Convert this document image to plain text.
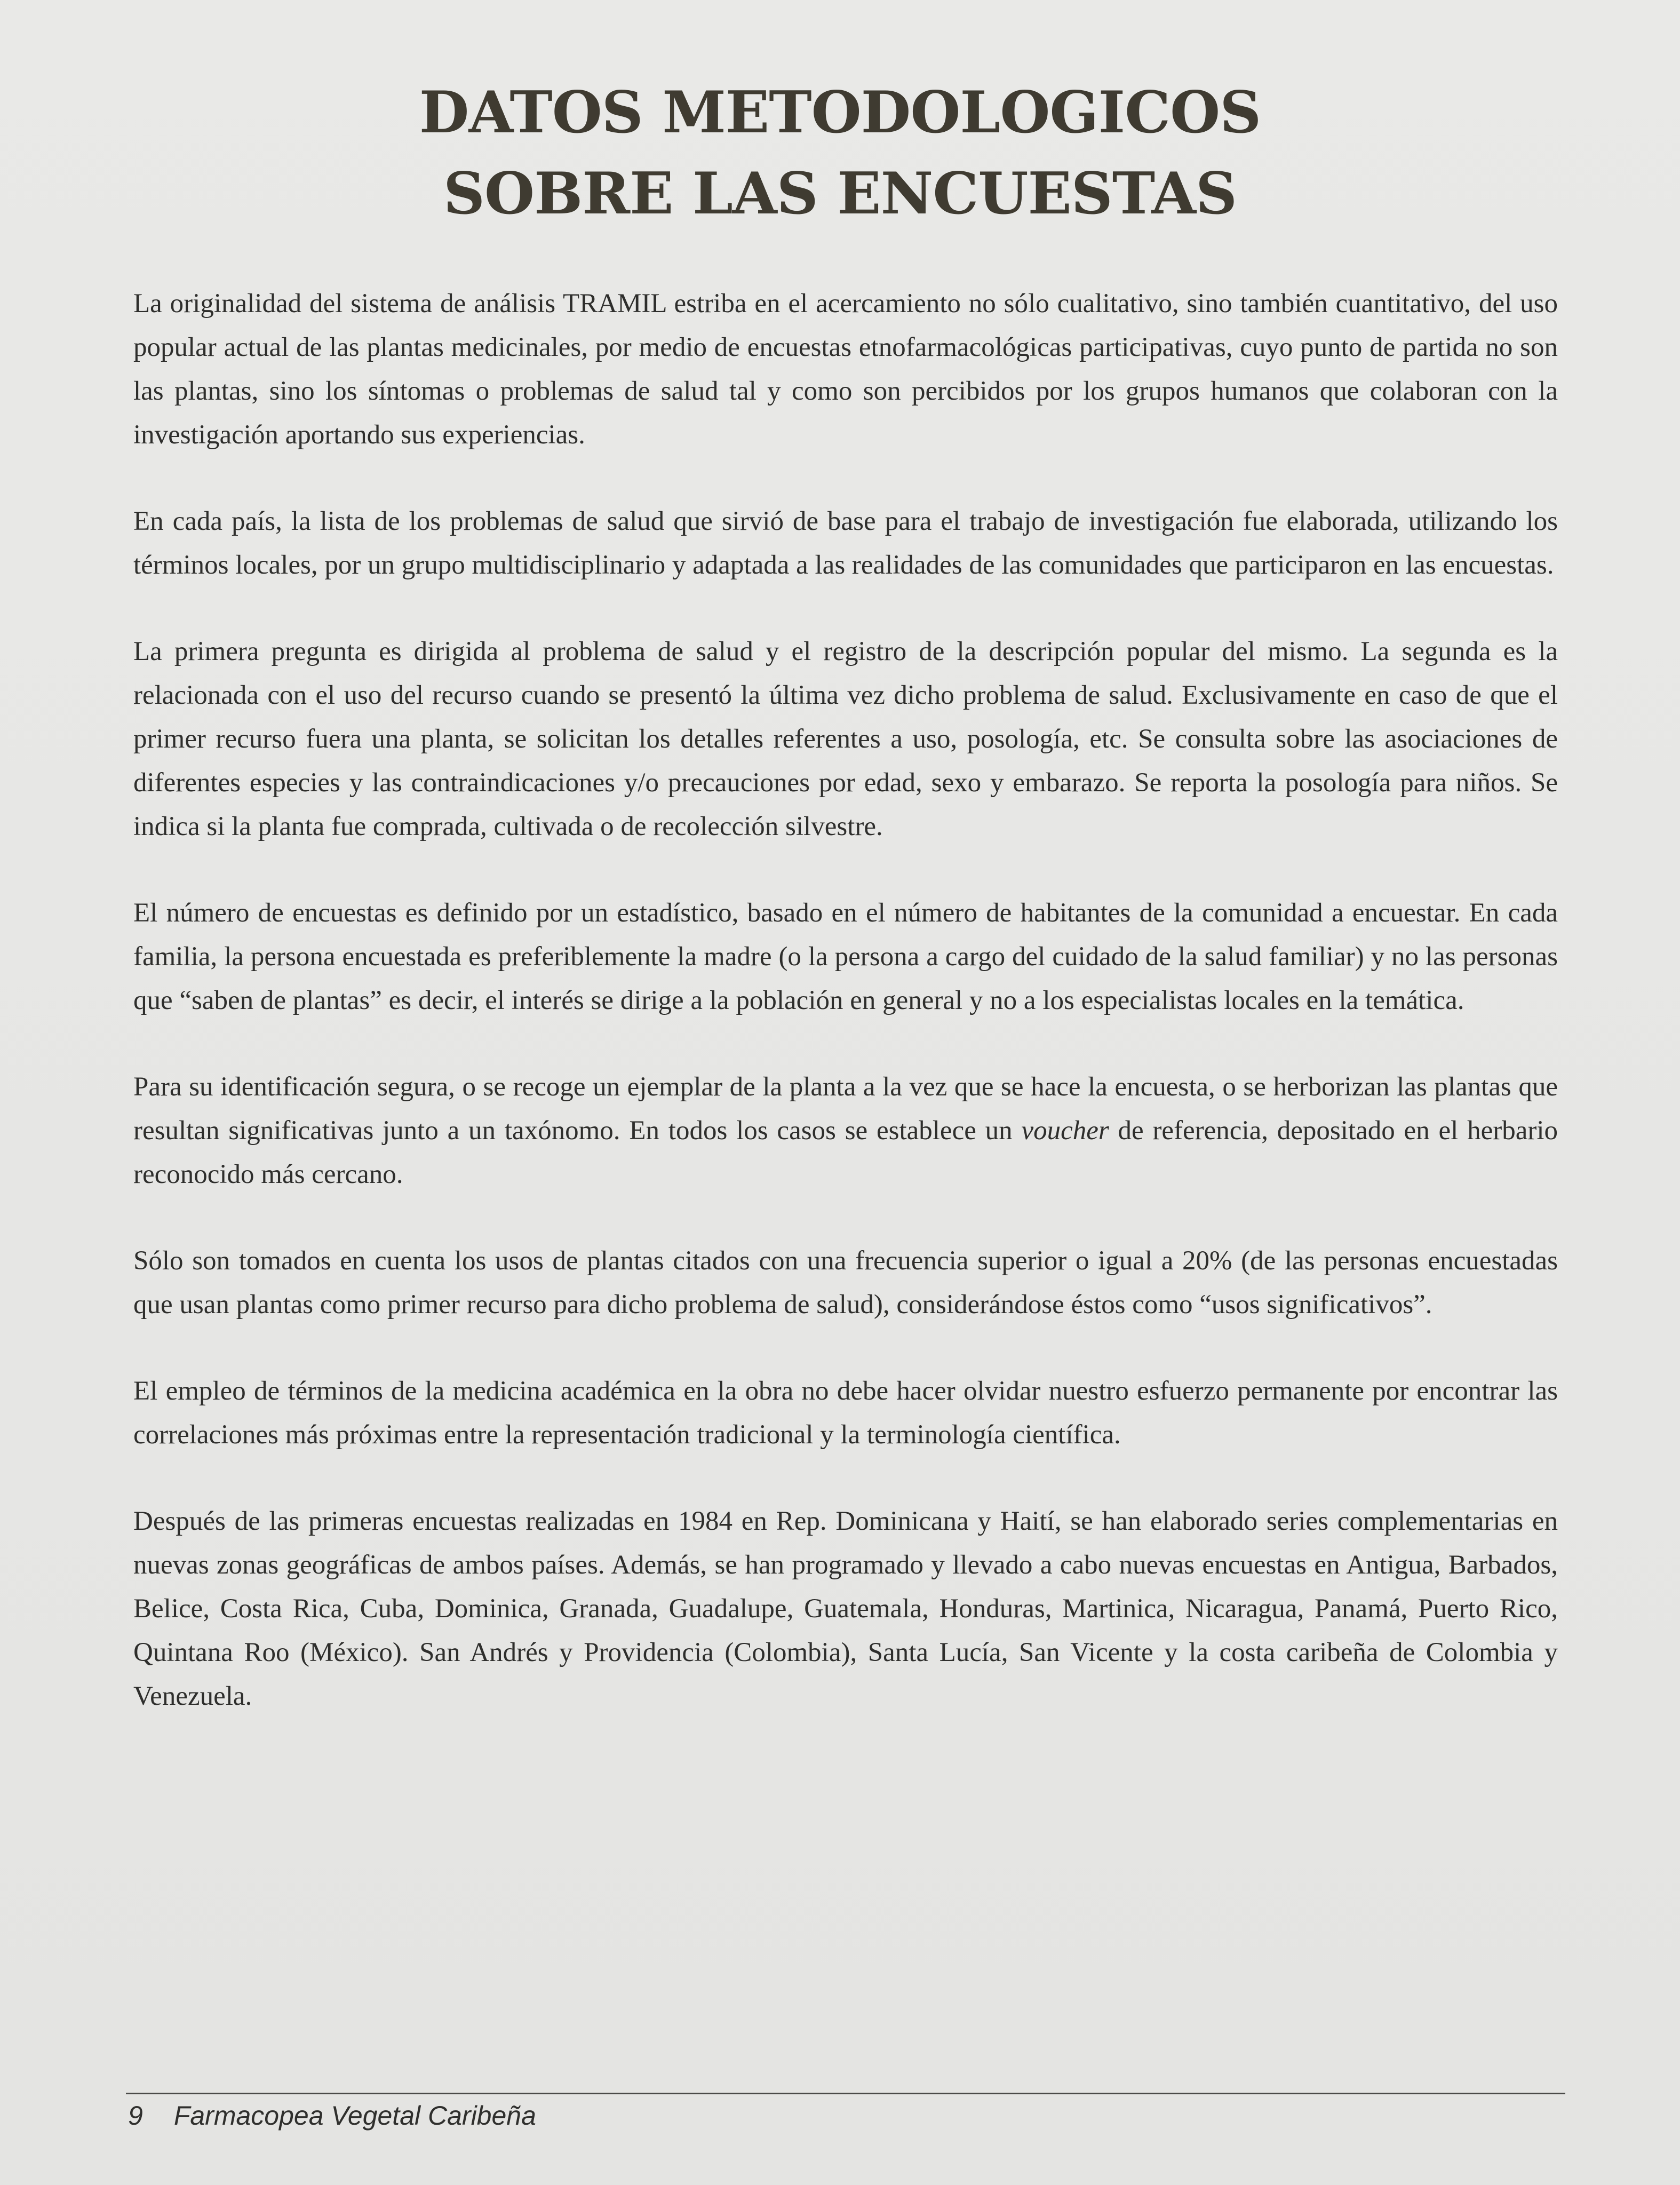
DATOS METODOLOGICOS
SOBRE LAS ENCUESTAS

La originalidad del sistema de análisis TRAMIL estriba en el acercamiento no sólo cualitativo, sino también cuantitativo, del uso popular actual de las plantas medicinales, por medio de encuestas etnofarmacológicas participativas, cuyo punto de partida no son las plantas, sino los síntomas o problemas de salud tal y como son percibidos por los grupos humanos que colaboran con la investigación aportando sus experiencias.

En cada país, la lista de los problemas de salud que sirvió de base para el trabajo de investigación fue elaborada, utilizando los términos locales, por un grupo multidisciplinario y adaptada a las realidades de las comunidades que participaron en las encuestas.

La primera pregunta es dirigida al problema de salud y el registro de la descripción popular del mismo. La segunda es la relacionada con el uso del recurso cuando se presentó la última vez dicho problema de salud. Exclusivamente en caso de que el primer recurso fuera una planta, se solicitan los detalles referentes a uso, posología, etc. Se consulta sobre las asociaciones de diferentes especies y las contraindicaciones y/o precauciones por edad, sexo y embarazo. Se reporta la posología para niños. Se indica si la planta fue comprada, cultivada o de recolección silvestre.

El número de encuestas es definido por un estadístico, basado en el número de habitantes de la comunidad a encuestar. En cada familia, la persona encuestada es preferiblemente la madre (o la persona a cargo del cuidado de la salud familiar) y no las personas que “saben de plantas” es decir, el interés se dirige a la población en general y no a los especialistas locales en la temática.

Para su identificación segura, o se recoge un ejemplar de la planta a la vez que se hace la encuesta, o se herborizan las plantas que resultan significativas junto a un taxónomo. En todos los casos se establece un voucher de referencia, depositado en el herbario reconocido más cercano.

Sólo son tomados en cuenta los usos de plantas citados con una frecuencia superior o igual a 20% (de las personas encuestadas que usan plantas como primer recurso para dicho problema de salud), considerándose éstos como “usos significativos”.

El empleo de términos de la medicina académica en la obra no debe hacer olvidar nuestro esfuerzo permanente por encontrar las correlaciones más próximas entre la representación tradicional y la terminología científica.

Después de las primeras encuestas realizadas en 1984 en Rep. Dominicana y Haití, se han elaborado series complementarias en nuevas zonas geográficas de ambos países. Además, se han programado y llevado a cabo nuevas encuestas en Antigua, Barbados, Belice, Costa Rica, Cuba, Dominica, Granada, Guadalupe, Guatemala, Honduras, Martinica, Nicaragua, Panamá, Puerto Rico, Quintana Roo (México). San Andrés y Providencia (Colombia), Santa Lucía, San Vicente y la costa caribeña de Colombia y Venezuela.

9 Farmacopea Vegetal Caribeña
